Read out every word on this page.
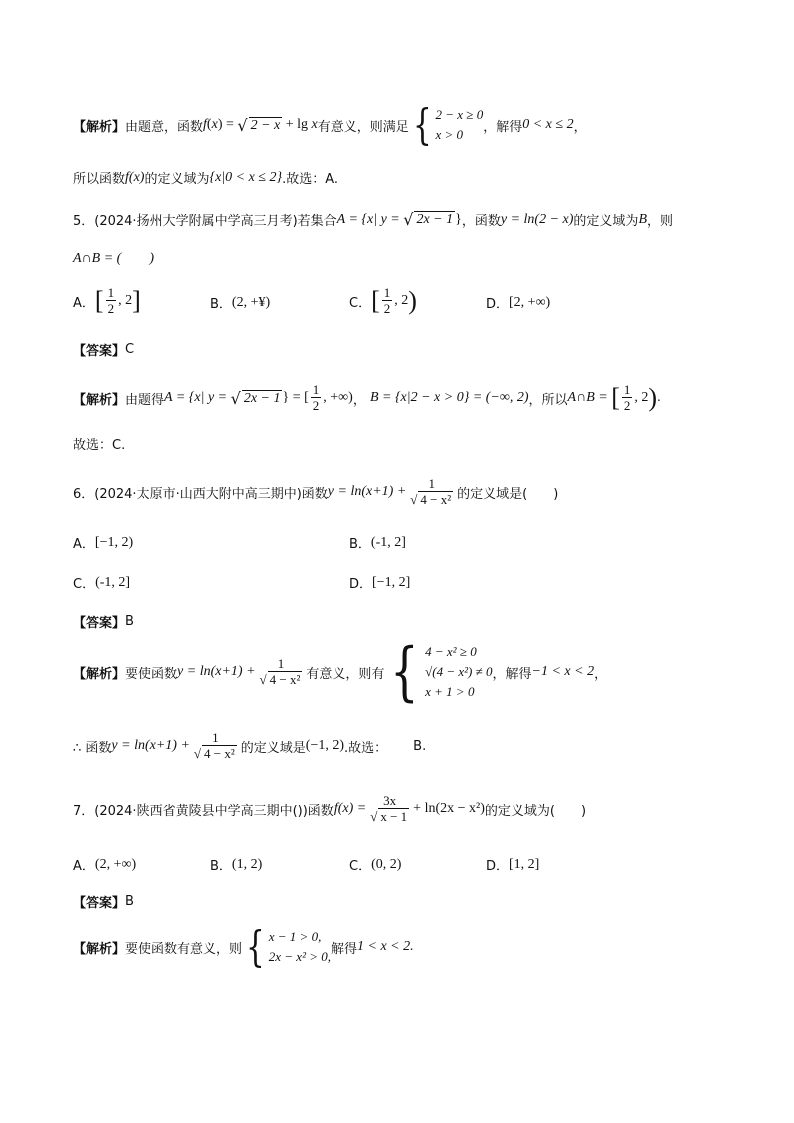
【解析】 由题意，函数 f ( x ) = √ 2 − x + lg x 有意义，则满足 { 2 − x ≥ 0
x > 0	，解得 0 < x ≤ 2 ，
所以函数 f(x) 的定义域为 {x|0 < x ≤ 2} .故选：A.
5． (2024·扬州大学附属中学高三月考) 若集合 A = {x| y = √ 2x − 1 } ，函数 y = ln(2 − x) 的定义域为 B ，则
A∩B = (　　)
A． [ $\frac{1}{2}$ , 2 ]	B． (2, +¥)	C． [ $\frac{1}{2}$ , 2 )	D． [2, +∞)
【答案】 C
【解析】 由题得 A = {x| y = √ 2x − 1 } = [ $\frac{1}{2}$ , +∞) ， B = {x|2 − x > 0} = (−∞, 2) ，所以 A∩B = [ $\frac{1}{2}$ , 2 ) .
故选：C.
6． (2024·太原市·山西大附中高三期中) 函数 $y = \ln(x+1) + \frac{1}{\text{√ 4 − x²}}$ 的定义域是(　　)
A． [−1, 2)	B． (-1, 2]
C． (-1, 2]	D． [−1, 2]
【答案】 B
【解析】 要使函数 $y = \ln(x+1) + \frac{1}{\text{√ 4 − x²}}$ 有意义，则有 { 4 − x² ≥ 0
√(4 − x²) ≠ 0
x + 1 > 0
，解得 −1 < x < 2 ，
∴ 函数 $y = \ln(x+1) + \frac{1}{\text{√ 4 − x²}}$ 的定义域是 (−1, 2) .故选： B.
7． (2024·陕西省黄陵县中学高三期中()) 函数 $f(x) = \frac{3x}{√ x - 1} + \ln(2x - x^2)$ 的定义域为(　　)
A． (2, +∞)	B． (1, 2)	C． (0, 2)	D． [1, 2]
【答案】 B
【解析】 要使函数有意义，则 { x − 1 > 0,
2x − x² > 0, 解得 1 < x < 2.
